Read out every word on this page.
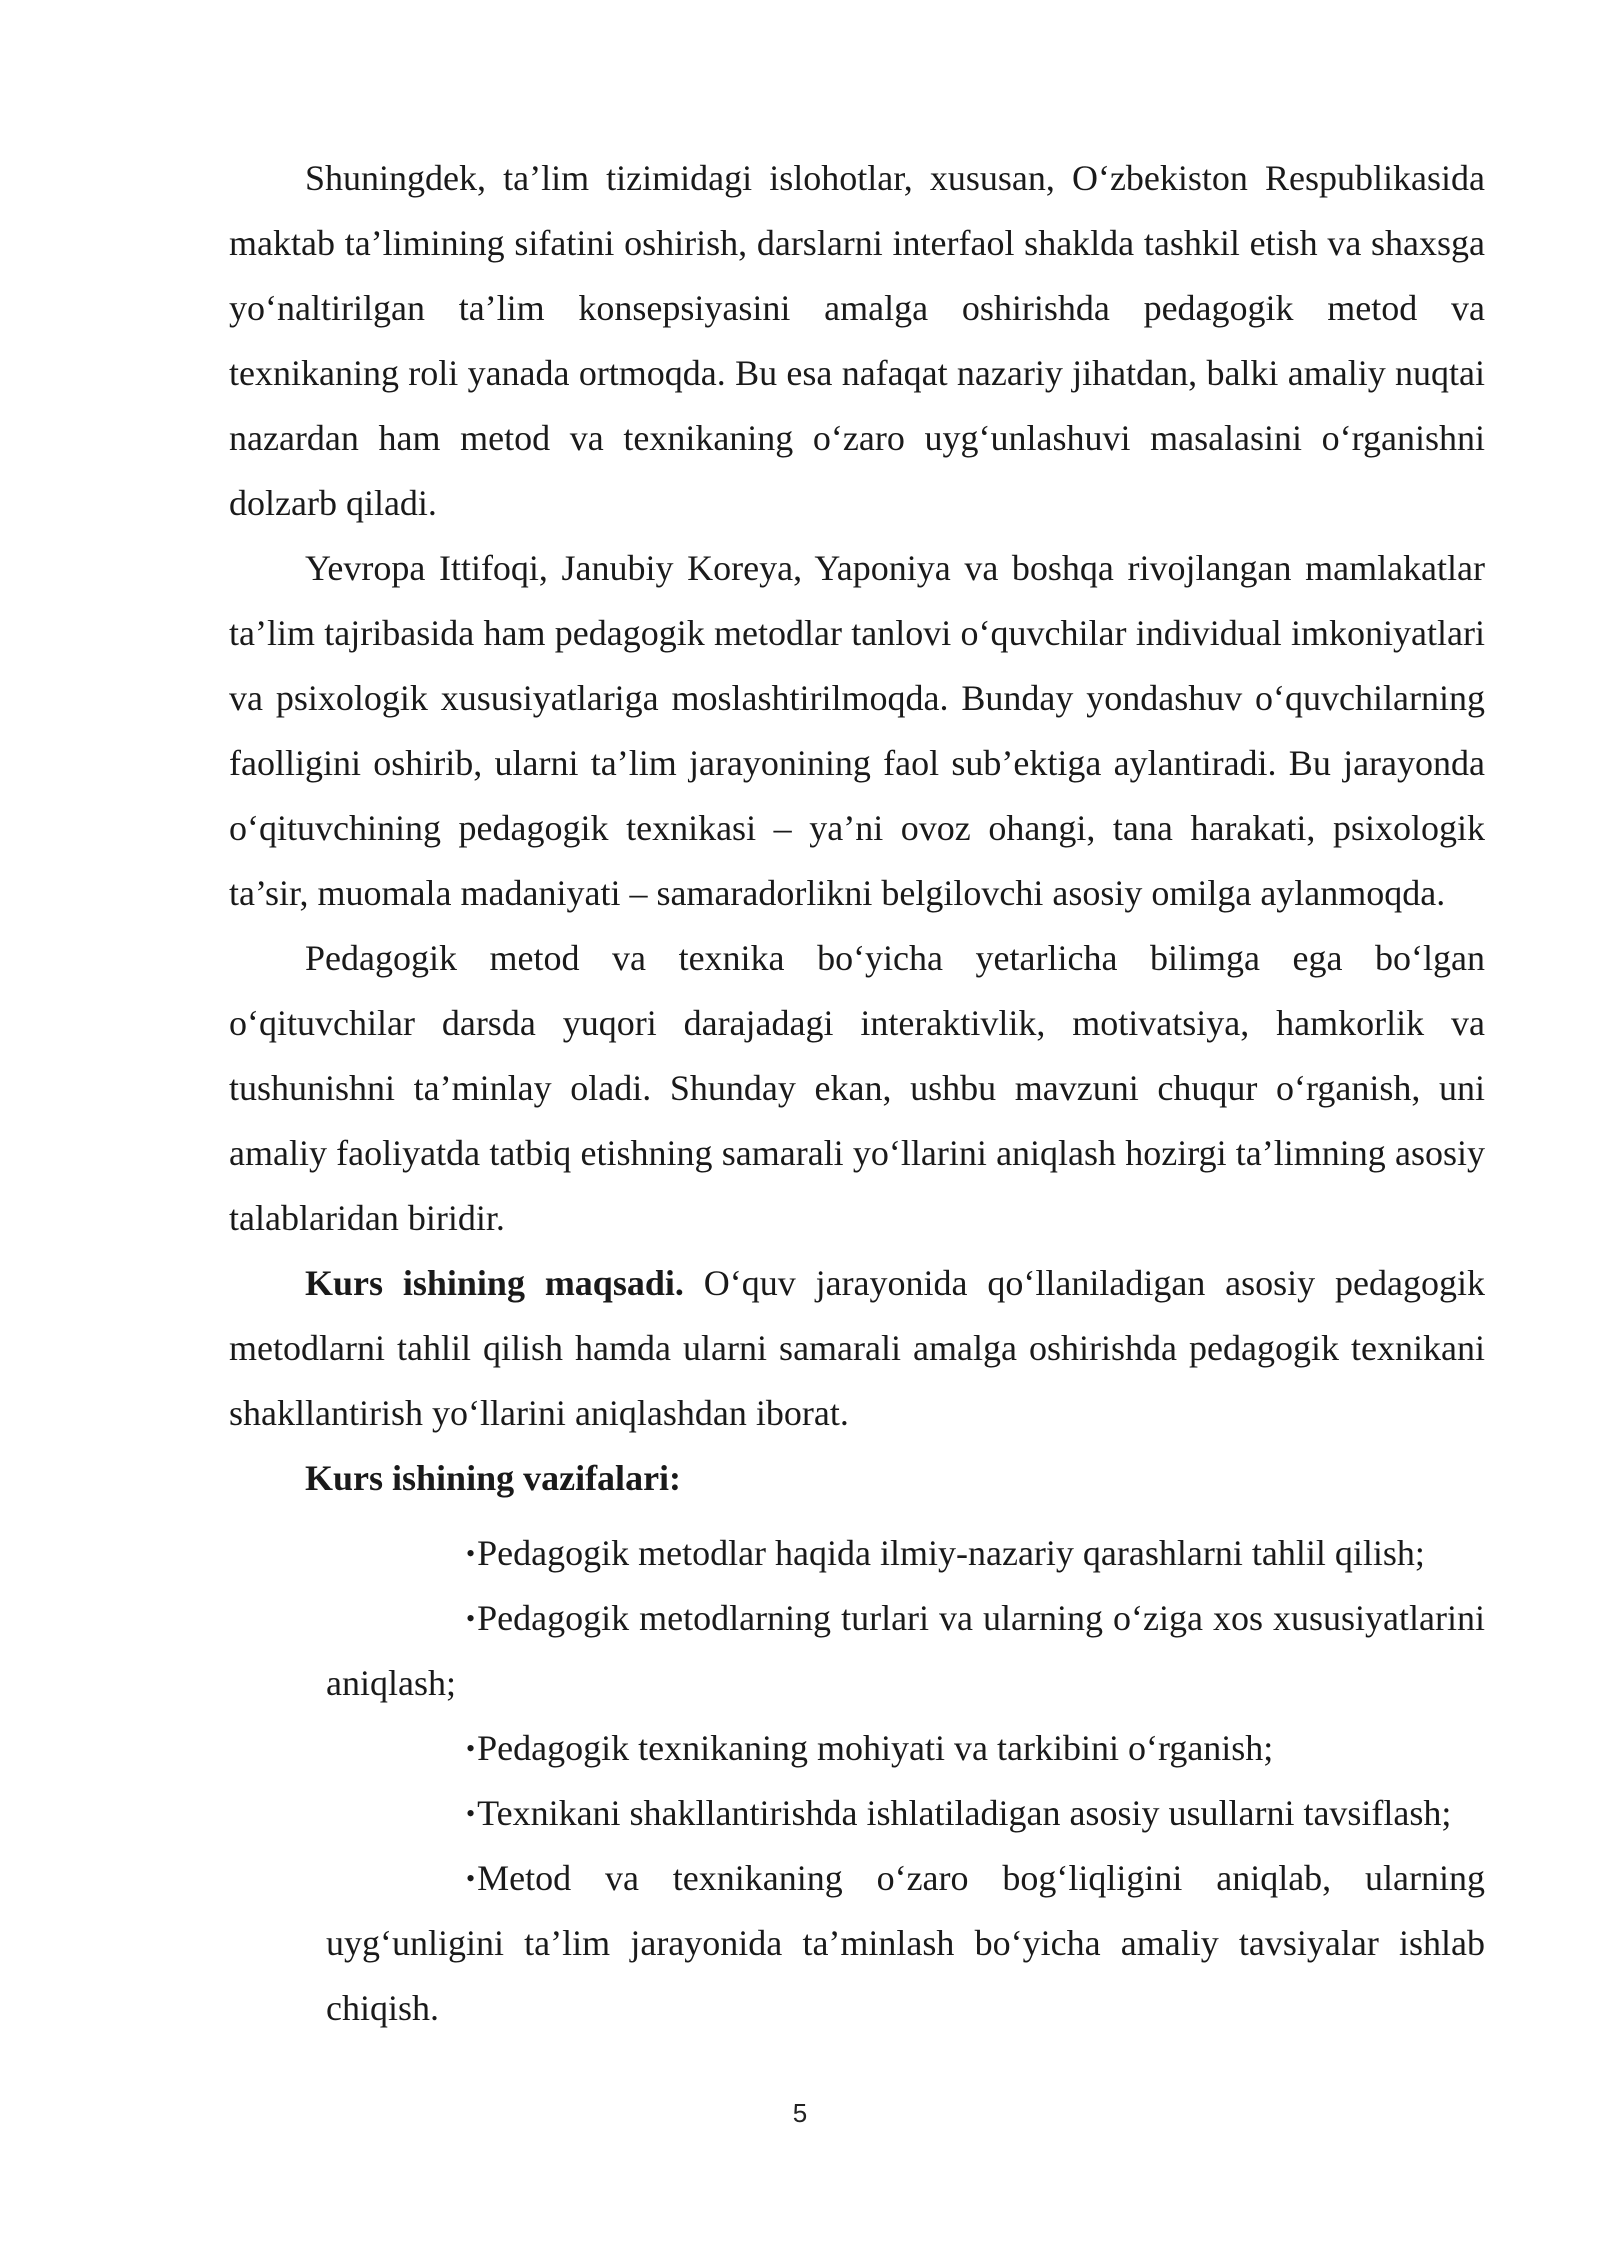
Shuningdek, ta’lim tizimidagi islohotlar, xususan, O‘zbekiston Respublikasida maktab ta’limining sifatini oshirish, darslarni interfaol shaklda tashkil etish va shaxsga yo‘naltirilgan ta’lim konsepsiyasini amalga oshirishda pedagogik metod va texnikaning roli yanada ortmoqda. Bu esa nafaqat nazariy jihatdan, balki amaliy nuqtai nazardan ham metod va texnikaning o‘zaro uyg‘unlashuvi masalasini o‘rganishni dolzarb qiladi.

Yevropa Ittifoqi, Janubiy Koreya, Yaponiya va boshqa rivojlangan mamlakatlar ta’lim tajribasida ham pedagogik metodlar tanlovi o‘quvchilar individual imkoniyatlari va psixologik xususiyatlariga moslashtirilmoqda. Bunday yondashuv o‘quvchilarning faolligini oshirib, ularni ta’lim jarayonining faol sub’ektiga aylantiradi. Bu jarayonda o‘qituvchining pedagogik texnikasi – ya’ni ovoz ohangi, tana harakati, psixologik ta’sir, muomala madaniyati – samaradorlikni belgilovchi asosiy omilga aylanmoqda.

Pedagogik metod va texnika bo‘yicha yetarlicha bilimga ega bo‘lgan o‘qituvchilar darsda yuqori darajadagi interaktivlik, motivatsiya, hamkorlik va tushunishni ta’minlay oladi. Shunday ekan, ushbu mavzuni chuqur o‘rganish, uni amaliy faoliyatda tatbiq etishning samarali yo‘llarini aniqlash hozirgi ta’limning asosiy talablaridan biridir.

Kurs ishining maqsadi. O‘quv jarayonida qo‘llaniladigan asosiy pedagogik metodlarni tahlil qilish hamda ularni samarali amalga oshirishda pedagogik texnikani shakllantirish yo‘llarini aniqlashdan iborat.

Kurs ishining vazifalari:

•Pedagogik metodlar haqida ilmiy-nazariy qarashlarni tahlil qilish;
•Pedagogik metodlarning turlari va ularning o‘ziga xos xususiyatlarini aniqlash;
•Pedagogik texnikaning mohiyati va tarkibini o‘rganish;
•Texnikani shakllantirishda ishlatiladigan asosiy usullarni tavsiflash;
•Metod va texnikaning o‘zaro bog‘liqligini aniqlab, ularning uyg‘unligini ta’lim jarayonida ta’minlash bo‘yicha amaliy tavsiyalar ishlab chiqish.
5
